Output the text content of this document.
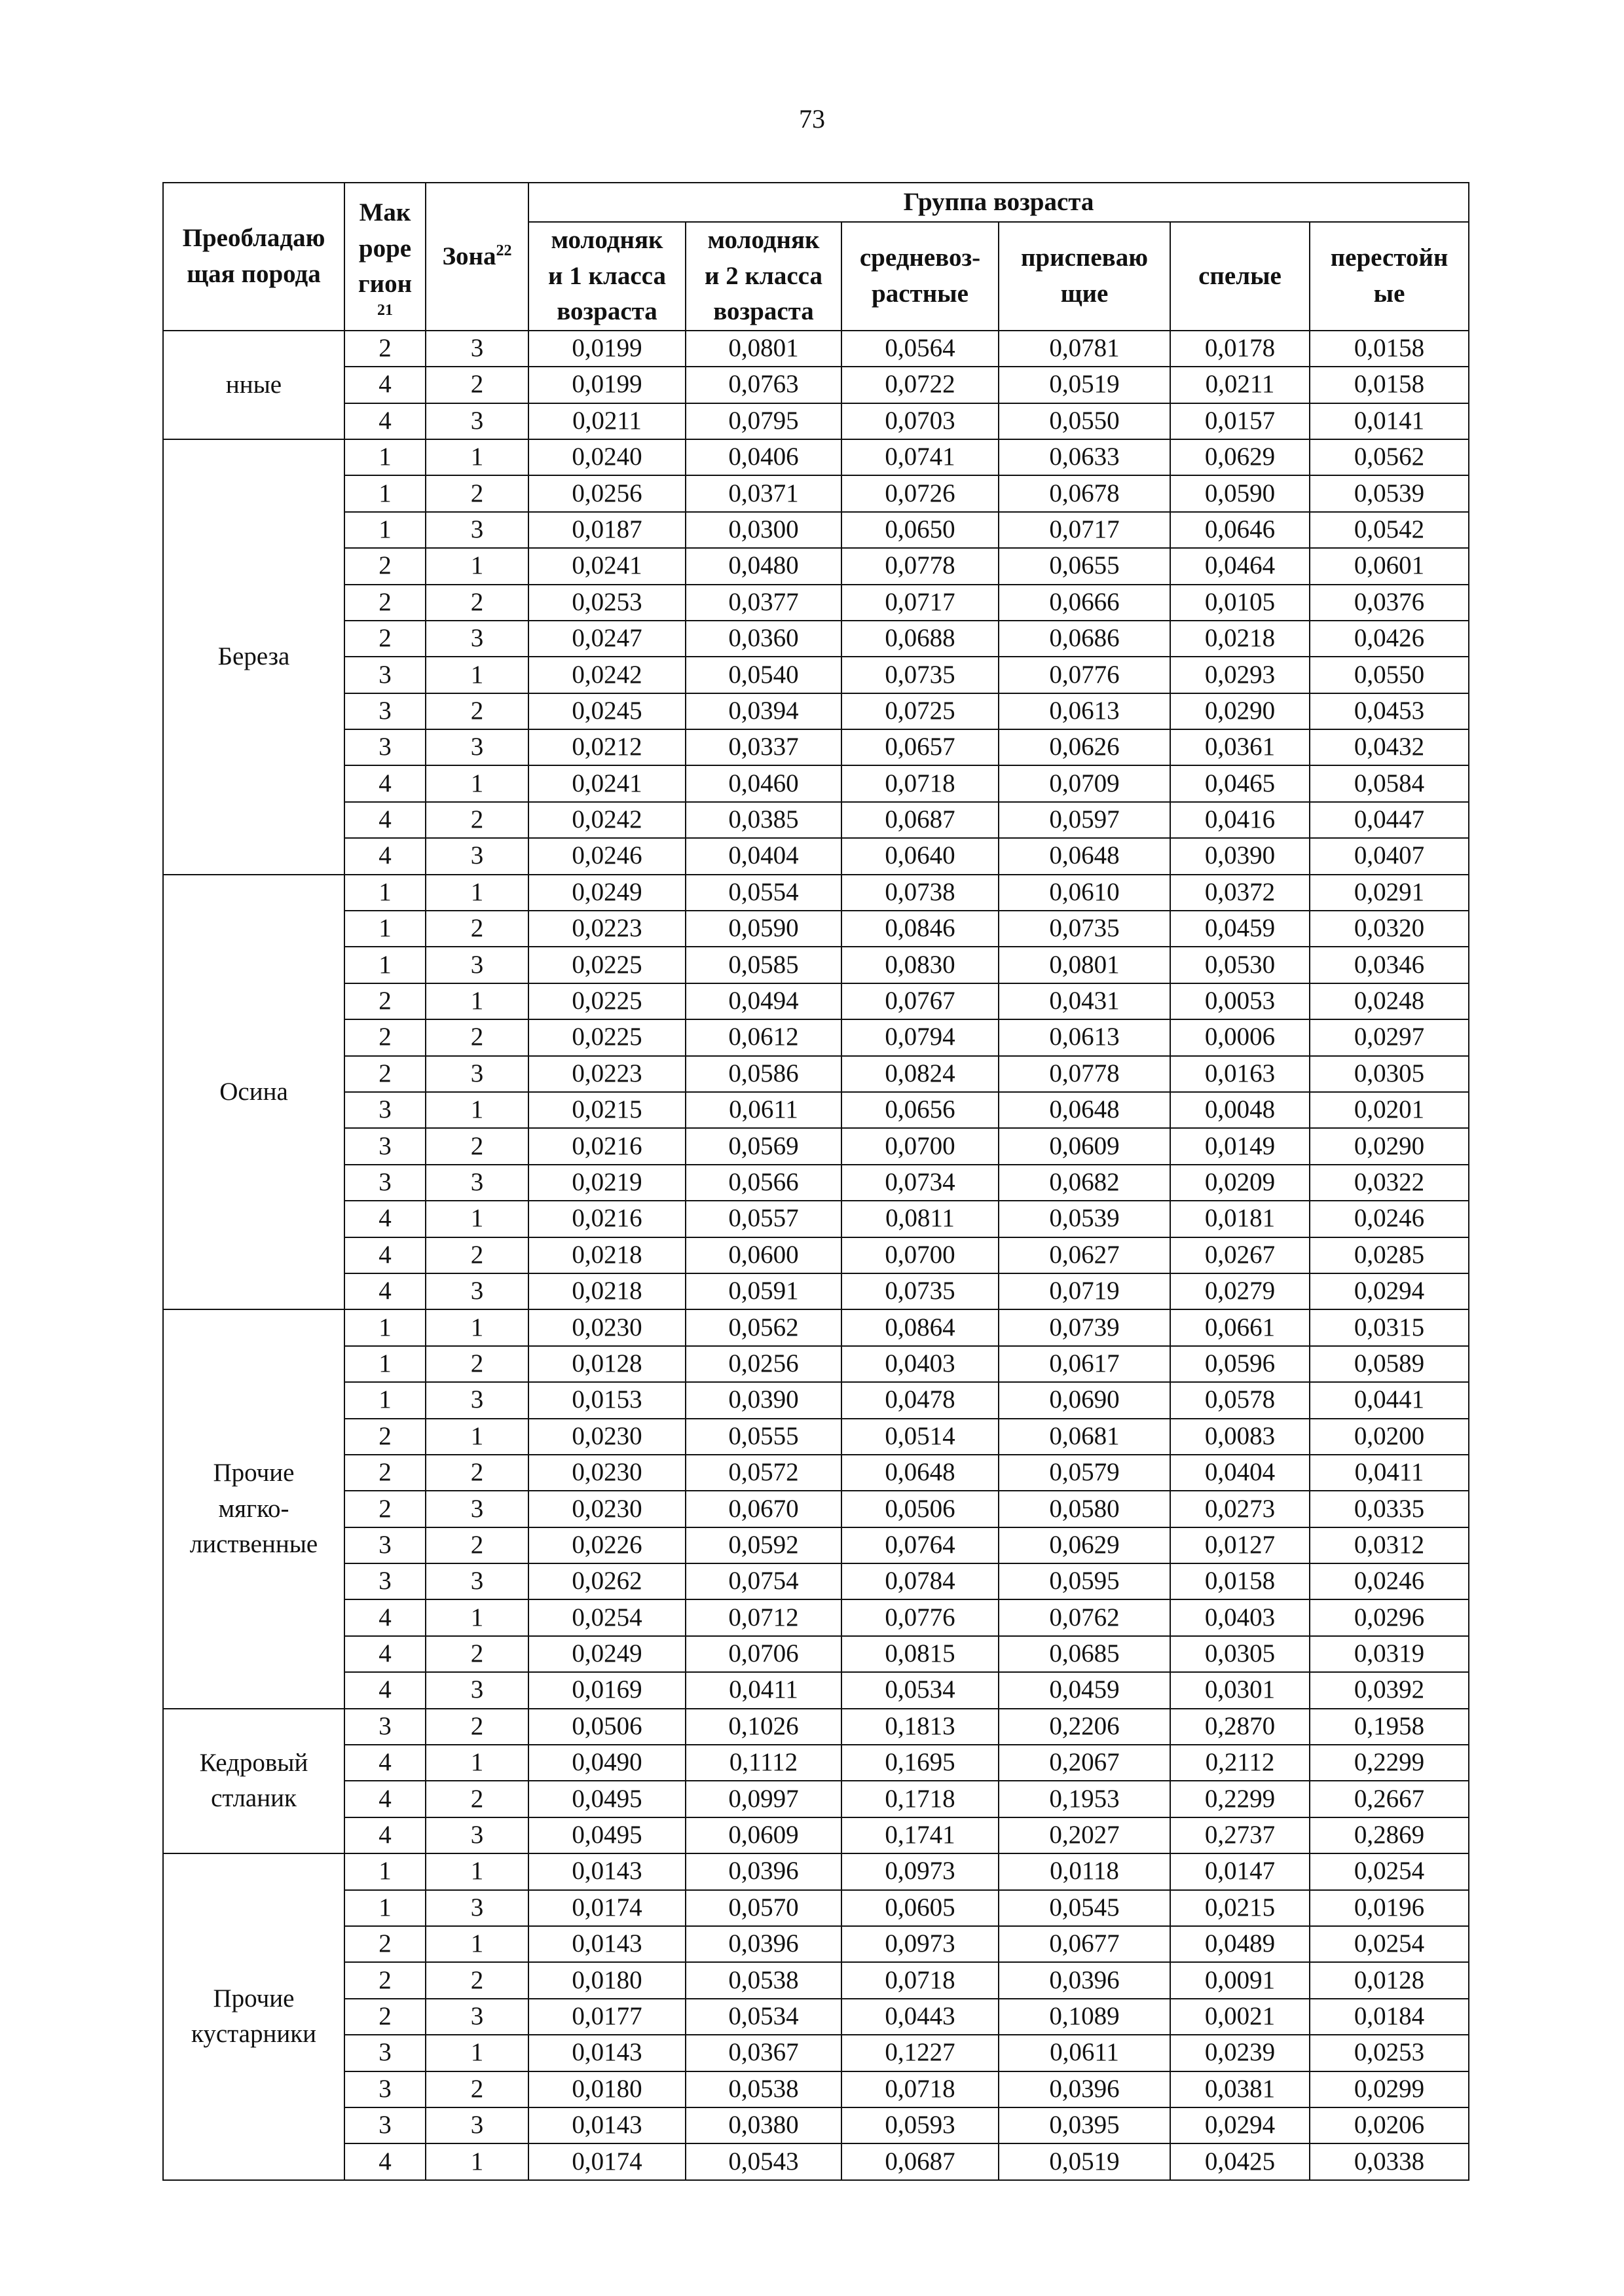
73
Преобладаю
щая порода	Мак
роре
гион
21	Зона$^{22}$	Группа возраста					

			молодняк
и 1 класса
возраста	молодняк
и 2 класса
возраста	средневоз-
растные	приспеваю
щие	спелые	перестойн
ые

нные	2	3	0,0199	0,0801	0,0564	0,0781	0,0178	0,0158
	4	2	0,0199	0,0763	0,0722	0,0519	0,0211	0,0158
	4	3	0,0211	0,0795	0,0703	0,0550	0,0157	0,0141

Береза	1	1	0,0240	0,0406	0,0741	0,0633	0,0629	0,0562
	1	2	0,0256	0,0371	0,0726	0,0678	0,0590	0,0539
	1	3	0,0187	0,0300	0,0650	0,0717	0,0646	0,0542
	2	1	0,0241	0,0480	0,0778	0,0655	0,0464	0,0601
	2	2	0,0253	0,0377	0,0717	0,0666	0,0105	0,0376
	2	3	0,0247	0,0360	0,0688	0,0686	0,0218	0,0426
	3	1	0,0242	0,0540	0,0735	0,0776	0,0293	0,0550
	3	2	0,0245	0,0394	0,0725	0,0613	0,0290	0,0453
	3	3	0,0212	0,0337	0,0657	0,0626	0,0361	0,0432
	4	1	0,0241	0,0460	0,0718	0,0709	0,0465	0,0584
	4	2	0,0242	0,0385	0,0687	0,0597	0,0416	0,0447
	4	3	0,0246	0,0404	0,0640	0,0648	0,0390	0,0407

Осина	1	1	0,0249	0,0554	0,0738	0,0610	0,0372	0,0291
	1	2	0,0223	0,0590	0,0846	0,0735	0,0459	0,0320
	1	3	0,0225	0,0585	0,0830	0,0801	0,0530	0,0346
	2	1	0,0225	0,0494	0,0767	0,0431	0,0053	0,0248
	2	2	0,0225	0,0612	0,0794	0,0613	0,0006	0,0297
	2	3	0,0223	0,0586	0,0824	0,0778	0,0163	0,0305
	3	1	0,0215	0,0611	0,0656	0,0648	0,0048	0,0201
	3	2	0,0216	0,0569	0,0700	0,0609	0,0149	0,0290
	3	3	0,0219	0,0566	0,0734	0,0682	0,0209	0,0322
	4	1	0,0216	0,0557	0,0811	0,0539	0,0181	0,0246
	4	2	0,0218	0,0600	0,0700	0,0627	0,0267	0,0285
	4	3	0,0218	0,0591	0,0735	0,0719	0,0279	0,0294

Прочие
мягко-
лиственные	1	1	0,0230	0,0562	0,0864	0,0739	0,0661	0,0315
	1	2	0,0128	0,0256	0,0403	0,0617	0,0596	0,0589
	1	3	0,0153	0,0390	0,0478	0,0690	0,0578	0,0441
	2	1	0,0230	0,0555	0,0514	0,0681	0,0083	0,0200
	2	2	0,0230	0,0572	0,0648	0,0579	0,0404	0,0411
	2	3	0,0230	0,0670	0,0506	0,0580	0,0273	0,0335
	3	2	0,0226	0,0592	0,0764	0,0629	0,0127	0,0312
	3	3	0,0262	0,0754	0,0784	0,0595	0,0158	0,0246
	4	1	0,0254	0,0712	0,0776	0,0762	0,0403	0,0296
	4	2	0,0249	0,0706	0,0815	0,0685	0,0305	0,0319
	4	3	0,0169	0,0411	0,0534	0,0459	0,0301	0,0392

Кедровый
стланик	3	2	0,0506	0,1026	0,1813	0,2206	0,2870	0,1958
	4	1	0,0490	0,1112	0,1695	0,2067	0,2112	0,2299
	4	2	0,0495	0,0997	0,1718	0,1953	0,2299	0,2667
	4	3	0,0495	0,0609	0,1741	0,2027	0,2737	0,2869

Прочие
кустарники	1	1	0,0143	0,0396	0,0973	0,0118	0,0147	0,0254
	1	3	0,0174	0,0570	0,0605	0,0545	0,0215	0,0196
	2	1	0,0143	0,0396	0,0973	0,0677	0,0489	0,0254
	2	2	0,0180	0,0538	0,0718	0,0396	0,0091	0,0128
	2	3	0,0177	0,0534	0,0443	0,1089	0,0021	0,0184
	3	1	0,0143	0,0367	0,1227	0,0611	0,0239	0,0253
	3	2	0,0180	0,0538	0,0718	0,0396	0,0381	0,0299
	3	3	0,0143	0,0380	0,0593	0,0395	0,0294	0,0206
	4	1	0,0174	0,0543	0,0687	0,0519	0,0425	0,0338
